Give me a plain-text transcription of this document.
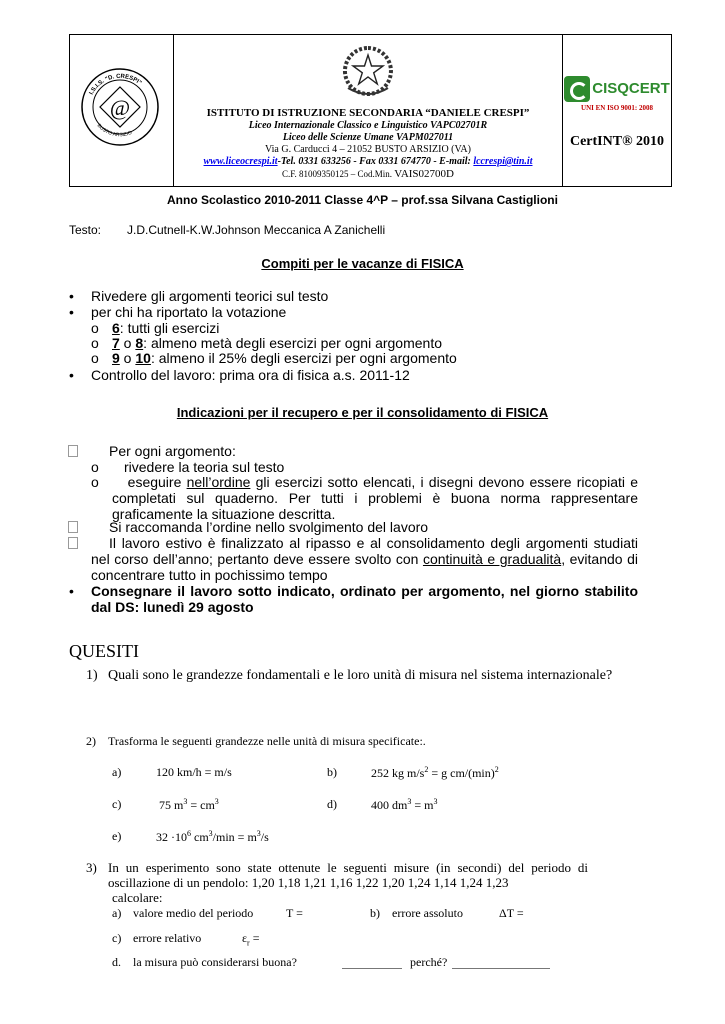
@
I.S.I.S. "D. CRESPI"
BUSTO ARSIZIO

ISTITUTO DI ISTRUZIONE SECONDARIA “DANIELE CRESPI”
Liceo Internazionale Classico e Linguistico VAPC02701R
Liceo delle Scienze Umane VAPM027011
Via G. Carducci 4 – 21052 BUSTO ARSIZIO (VA)
www.liceocrespi.it-Tel. 0331 633256 - Fax 0331 674770 - E-mail: lccrespi@tin.it
C.F. 81009350125 – Cod.Min. VAIS02700D

CISQCERT
UNI EN ISO 9001: 2008
CertINT® 2010
Anno Scolastico 2010-2011 Classe 4^P – prof.ssa Silvana Castiglioni
Testo: J.D.Cutnell-K.W.Johnson Meccanica A Zanichelli
Compiti per le vacanze di FISICA
• Rivedere gli argomenti teorici sul testo
• per chi ha riportato la votazione
o 6: tutti gli esercizi
o 7 o 8: almeno metà degli esercizi per ogni argomento
o 9 o 10: almeno il 25% degli esercizi per ogni argomento
• Controllo del lavoro: prima ora di fisica a.s. 2011-12
Indicazioni per il recupero e per il consolidamento di FISICA
Per ogni argomento:
o rivedere la teoria sul testo
o	eseguire nell’ordine gli esercizi sotto elencati, i disegni devono essere ricopiati e completati sul quaderno. Per tutti i problemi è buona norma rappresentare graficamente la situazione descritta.
Si raccomanda l’ordine nello svolgimento del lavoro
Il lavoro estivo è finalizzato al ripasso e al consolidamento degli argomenti studiati nel corso dell’anno; pertanto deve essere svolto con continuità e gradualità, evitando di concentrare tutto in pochissimo tempo
• Consegnare il lavoro sotto indicato, ordinato per argomento, nel giorno stabilito dal DS: lunedì 29 agosto
QUESITI
1) Quali sono le grandezze fondamentali e le loro unità di misura nel sistema internazionale?
2) Trasforma le seguenti grandezze nelle unità di misura specificate:.
a)	120 km/h = m/s	b)	252 kg $m/s^2 = g$ $cm/(\min)^2$
c)	75 $m^3 = cm^3$	d)	400 $dm^3 = m^3$
e)	$32 \cdot 10^6$ $cm^3/\min = m^3/s$
3) In un esperimento sono state ottenute le seguenti misure (in secondi) del periodo di oscillazione di un pendolo: 1,20 1,18 1,21 1,16 1,22 1,20 1,24 1,14 1,24 1,23
calcolare:
a) valore medio del periodo	T =	b) errore assoluto	ΔT =
c) errore relativo	$\varepsilon_r$ =
d. la misura può considerarsi buona?	perché?
